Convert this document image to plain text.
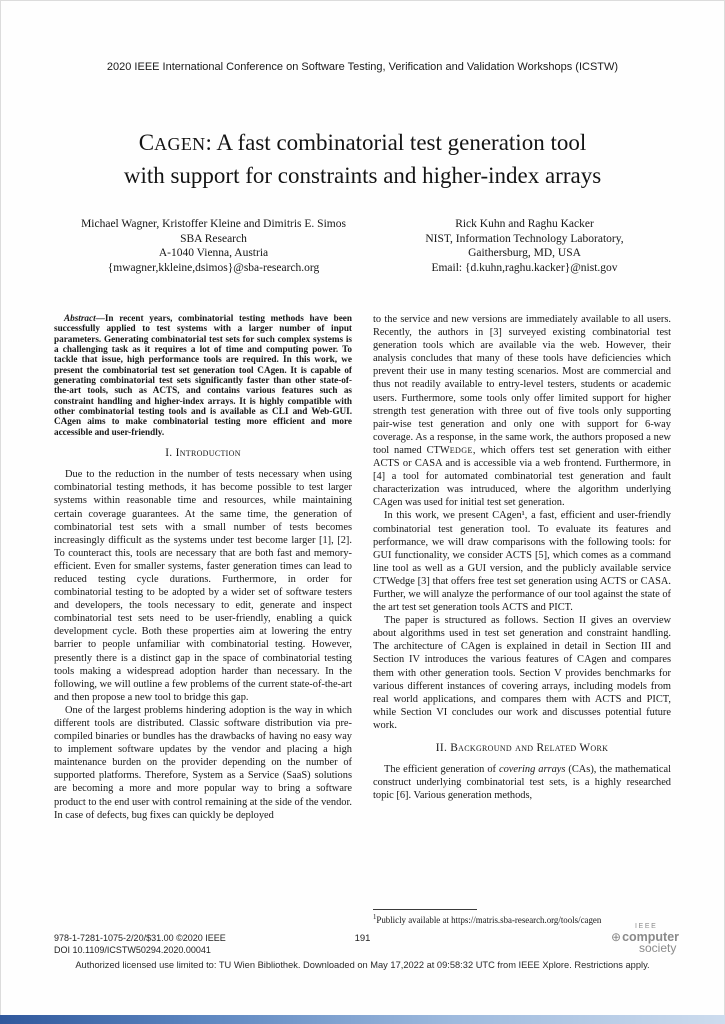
2020 IEEE International Conference on Software Testing, Verification and Validation Workshops (ICSTW)
CAGEN: A fast combinatorial test generation tool
with support for constraints and higher-index arrays
Michael Wagner, Kristoffer Kleine and Dimitris E. Simos
SBA Research
A-1040 Vienna, Austria
{mwagner,kkleine,dsimos}@sba-research.org
Rick Kuhn and Raghu Kacker
NIST, Information Technology Laboratory,
Gaithersburg, MD, USA
Email: {d.kuhn,raghu.kacker}@nist.gov

Abstract—In recent years, combinatorial testing methods have been successfully applied to test systems with a larger number of input parameters. Generating combinatorial test sets for such complex systems is a challenging task as it requires a lot of time and computing power. To tackle that issue, high performance tools are required. In this work, we present the combinatorial test set generation tool CAgen. It is capable of generating combinatorial test sets significantly faster than other state-of-the-art tools, such as ACTS, and contains various features such as constraint handling and higher-index arrays. It is highly compatible with other combinatorial testing tools and is available as CLI and Web-GUI. CAgen aims to make combinatorial testing more efficient and more accessible and user-friendly.

I. Introduction

Due to the reduction in the number of tests necessary when using combinatorial testing methods, it has become possible to test larger systems within reasonable time and resources, while maintaining certain coverage guarantees. At the same time, the generation of combinatorial test sets with a small number of tests becomes increasingly difficult as the systems under test become larger [1], [2]. To counteract this, tools are necessary that are both fast and memory-efficient. Even for smaller systems, faster generation times can lead to reduced testing cycle durations. Furthermore, in order for combinatorial testing to be adopted by a wider set of software testers and developers, the tools necessary to edit, generate and inspect combinatorial test sets need to be user-friendly, enabling a quick development cycle. Both these properties aim at lowering the entry barrier to people unfamiliar with combinatorial testing. However, presently there is a distinct gap in the space of combinatorial testing tools making a widespread adoption harder than necessary. In the following, we will outline a few problems of the current state-of-the-art and then propose a new tool to bridge this gap.

One of the largest problems hindering adoption is the way in which different tools are distributed. Classic software distribution via pre-compiled binaries or bundles has the drawbacks of having no easy way to implement software updates by the vendor and placing a high maintenance burden on the provider depending on the number of supported platforms. Therefore, System as a Service (SaaS) solutions are becoming a more and more popular way to bring a software product to the end user with control remaining at the side of the vendor. In case of defects, bug fixes can quickly be deployed

to the service and new versions are immediately available to all users. Recently, the authors in [3] surveyed existing combinatorial test generation tools which are available via the web. However, their analysis concludes that many of these tools have deficiencies which prevent their use in many testing scenarios. Most are commercial and thus not readily available to entry-level testers, students or academic users. Furthermore, some tools only offer limited support for higher strength test generation with three out of five tools only supporting pair-wise test generation and only one with support for 6-way coverage. As a response, in the same work, the authors proposed a new tool named CTWEDGE, which offers test set generation with either ACTS or CASA and is accessible via a web frontend. Furthermore, in [4] a tool for automated combinatorial test generation and fault characterization was intruduced, where the algorithm underlying CAgen was used for initial test set generation.

In this work, we present CAgen¹, a fast, efficient and user-friendly combinatorial test generation tool. To evaluate its features and performance, we will draw comparisons with the following tools: for GUI functionality, we consider ACTS [5], which comes as a command line tool as well as a GUI version, and the publicly available service CTWedge [3] that offers free test set generation using ACTS or CASA. Further, we will analyze the performance of our tool against the state of the art test set generation tools ACTS and PICT.

The paper is structured as follows. Section II gives an overview about algorithms used in test set generation and constraint handling. The architecture of CAgen is explained in detail in Section III and Section IV introduces the various features of CAgen and compares them with other generation tools. Section V provides benchmarks for various different instances of covering arrays, including models from real world applications, and compares them with ACTS and PICT, while Section VI concludes our work and discusses potential future work.

II. Background and Related Work

The efficient generation of covering arrays (CAs), the mathematical construct underlying combinatorial test sets, is a highly researched topic [6]. Various generation methods,

$^1$Publicly available at https://matris.sba-research.org/tools/cagen
978-1-7281-1075-2/20/$31.00 ©2020 IEEE
DOI 10.1109/ICSTW50294.2020.00041
191
IEEE
⊕ computer
society
Authorized licensed use limited to: TU Wien Bibliothek. Downloaded on May 17,2022 at 09:58:32 UTC from IEEE Xplore. Restrictions apply.
